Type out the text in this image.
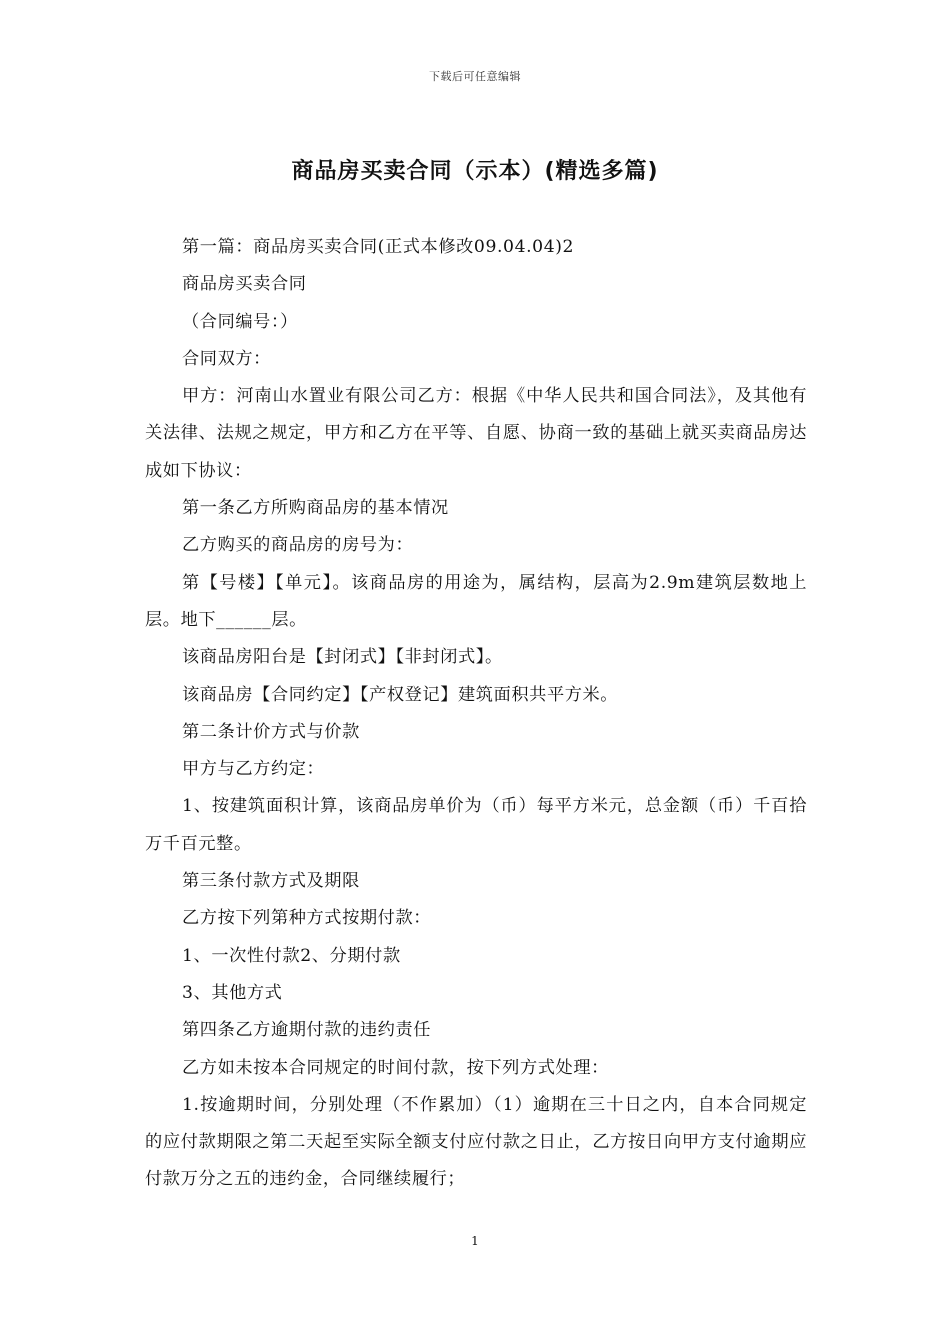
下载后可任意编辑
商品房买卖合同（示本）(精选多篇)

第一篇：商品房买卖合同(正式本修改09.04.04)2

商品房买卖合同

（合同编号：）

合同双方：

甲方：河南山水置业有限公司乙方：根据《中华人民共和国合同法》，及其他有关法律、法规之规定，甲方和乙方在平等、自愿、协商一致的基础上就买卖商品房达成如下协议：

第一条乙方所购商品房的基本情况

乙方购买的商品房的房号为：

第【号楼】【单元】。该商品房的用途为，属结构，层高为2.9m建筑层数地上层。地下______层。

该商品房阳台是【封闭式】【非封闭式】。

该商品房【合同约定】【产权登记】建筑面积共平方米。

第二条计价方式与价款

甲方与乙方约定：

1、按建筑面积计算，该商品房单价为（币）每平方米元，总金额（币）千百拾万千百元整。

第三条付款方式及期限

乙方按下列第种方式按期付款：

1、一次性付款2、分期付款

3、其他方式

第四条乙方逾期付款的违约责任

乙方如未按本合同规定的时间付款，按下列方式处理：

1.按逾期时间，分别处理（不作累加）（1）逾期在三十日之内，自本合同规定的应付款期限之第二天起至实际全额支付应付款之日止，乙方按日向甲方支付逾期应付款万分之五的违约金，合同继续履行；

1
